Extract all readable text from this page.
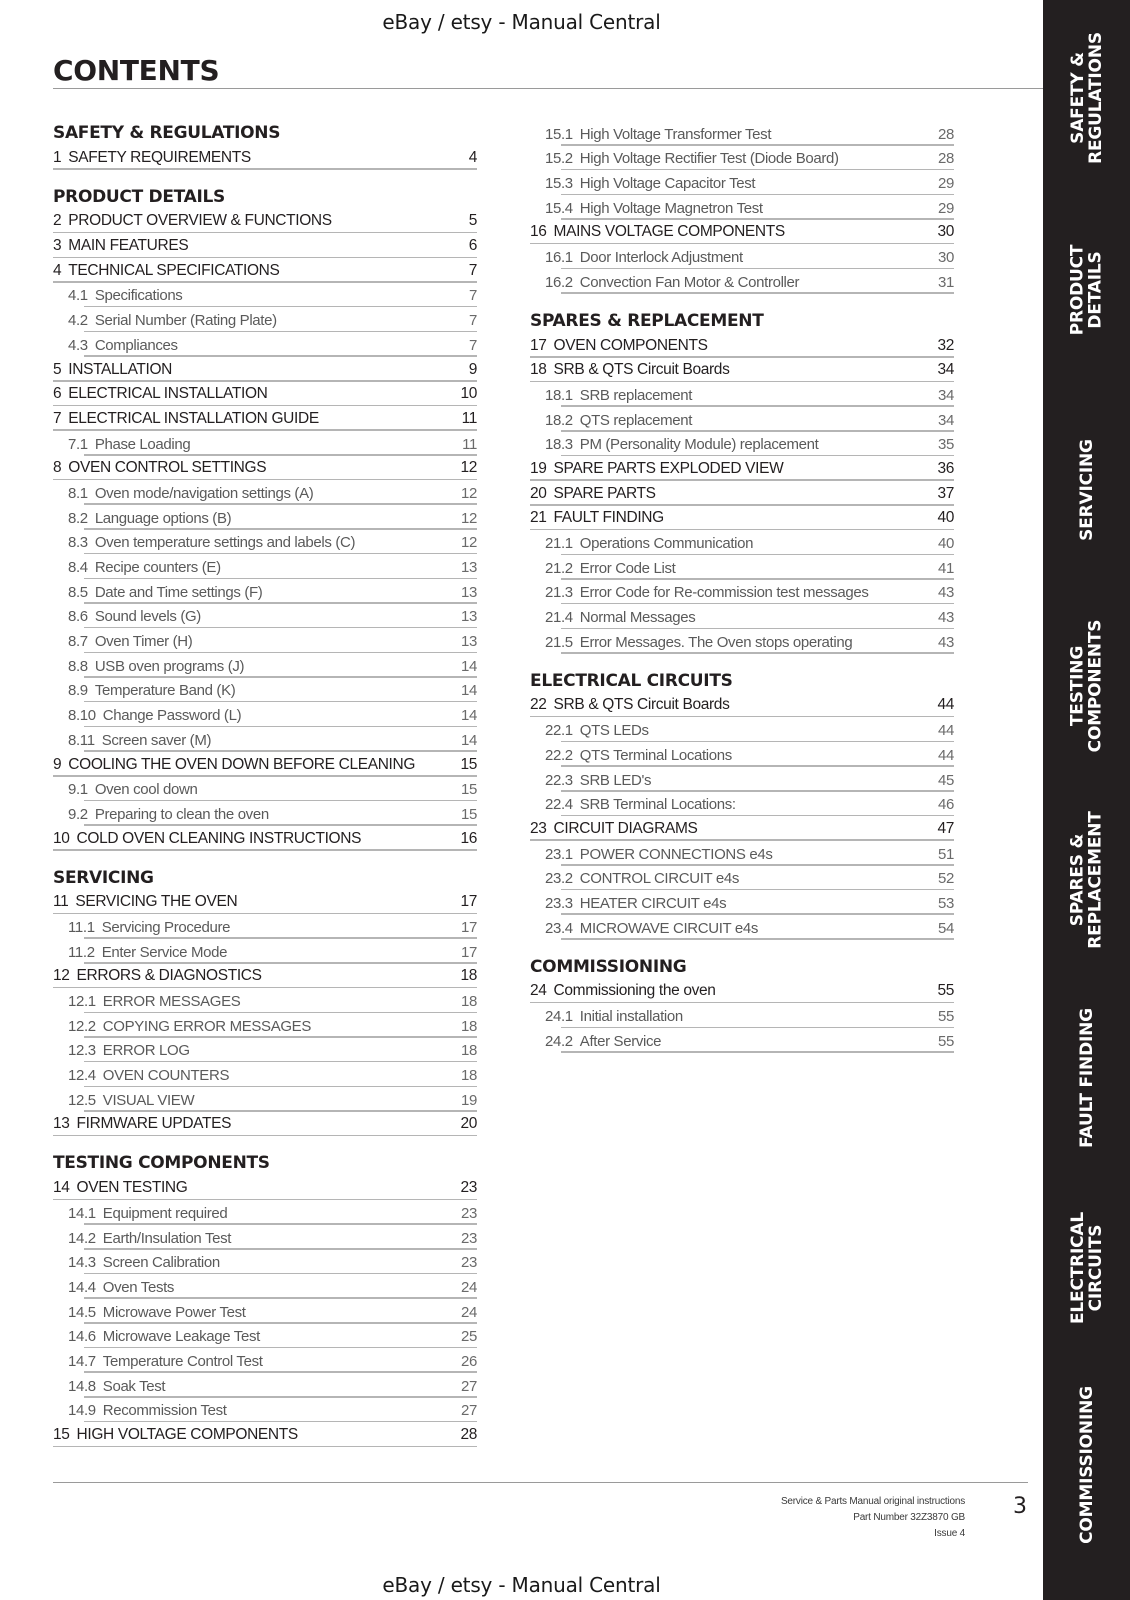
eBay / etsy - Manual Central
CONTENTS
SAFETY & REGULATIONS
1 SAFETY REQUIREMENTS	4
PRODUCT DETAILS
2 PRODUCT OVERVIEW & FUNCTIONS	5
3 MAIN FEATURES	6
4 TECHNICAL SPECIFICATIONS	7
4.1 Specifications	7
4.2 Serial Number (Rating Plate)	7
4.3 Compliances	7
5 INSTALLATION	9
6 ELECTRICAL INSTALLATION	10
7 ELECTRICAL INSTALLATION GUIDE	11
7.1 Phase Loading	11
8 OVEN CONTROL SETTINGS	12
8.1 Oven mode/navigation settings (A)	12
8.2 Language options (B)	12
8.3 Oven temperature settings and labels (C)	12
8.4 Recipe counters (E)	13
8.5 Date and Time settings (F)	13
8.6 Sound levels (G)	13
8.7 Oven Timer (H)	13
8.8 USB oven programs (J)	14
8.9 Temperature Band (K)	14
8.10 Change Password (L)	14
8.11 Screen saver (M)	14
9 COOLING THE OVEN DOWN BEFORE CLEANING	15
9.1 Oven cool down	15
9.2 Preparing to clean the oven	15
10 COLD OVEN CLEANING INSTRUCTIONS	16
SERVICING
11 SERVICING THE OVEN	17
11.1 Servicing Procedure	17
11.2 Enter Service Mode	17
12 ERRORS & DIAGNOSTICS	18
12.1 ERROR MESSAGES	18
12.2 COPYING ERROR MESSAGES	18
12.3 ERROR LOG	18
12.4 OVEN COUNTERS	18
12.5 VISUAL VIEW	19
13 FIRMWARE UPDATES	20
TESTING COMPONENTS
14 OVEN TESTING	23
14.1 Equipment required	23
14.2 Earth/Insulation Test	23
14.3 Screen Calibration	23
14.4 Oven Tests	24
14.5 Microwave Power Test	24
14.6 Microwave Leakage Test	25
14.7 Temperature Control Test	26
14.8 Soak Test	27
14.9 Recommission Test	27
15 HIGH VOLTAGE COMPONENTS	28
15.1 High Voltage Transformer Test	28
15.2 High Voltage Rectifier Test (Diode Board)	28
15.3 High Voltage Capacitor Test	29
15.4 High Voltage Magnetron Test	29
16 MAINS VOLTAGE COMPONENTS	30
16.1 Door Interlock Adjustment	30
16.2 Convection Fan Motor & Controller	31
SPARES & REPLACEMENT
17 OVEN COMPONENTS	32
18 SRB & QTS Circuit Boards	34
18.1 SRB replacement	34
18.2 QTS replacement	34
18.3 PM (Personality Module) replacement	35
19 SPARE PARTS EXPLODED VIEW	36
20 SPARE PARTS	37
21 FAULT FINDING	40
21.1 Operations Communication	40
21.2 Error Code List	41
21.3 Error Code for Re-commission test messages	43
21.4 Normal Messages	43
21.5 Error Messages. The Oven stops operating	43
ELECTRICAL CIRCUITS
22 SRB & QTS Circuit Boards	44
22.1 QTS LEDs	44
22.2 QTS Terminal Locations	44
22.3 SRB LED's	45
22.4 SRB Terminal Locations:	46
23 CIRCUIT DIAGRAMS	47
23.1 POWER CONNECTIONS e4s	51
23.2 CONTROL CIRCUIT e4s	52
23.3 HEATER CIRCUIT e4s	53
23.4 MICROWAVE CIRCUIT e4s	54
COMMISSIONING
24 Commissioning the oven	55
24.1 Initial installation	55
24.2 After Service	55
Service & Parts Manual original instructions
Part Number 32Z3870 GB
Issue 4
3
eBay / etsy - Manual Central
SAFETY &
REGULATIONS
PRODUCT
DETAILS
SERVICING
TESTING
COMPONENTS
SPARES &
REPLACEMENT
FAULT FINDING
ELECTRICAL
CIRCUITS
COMMISSIONING
